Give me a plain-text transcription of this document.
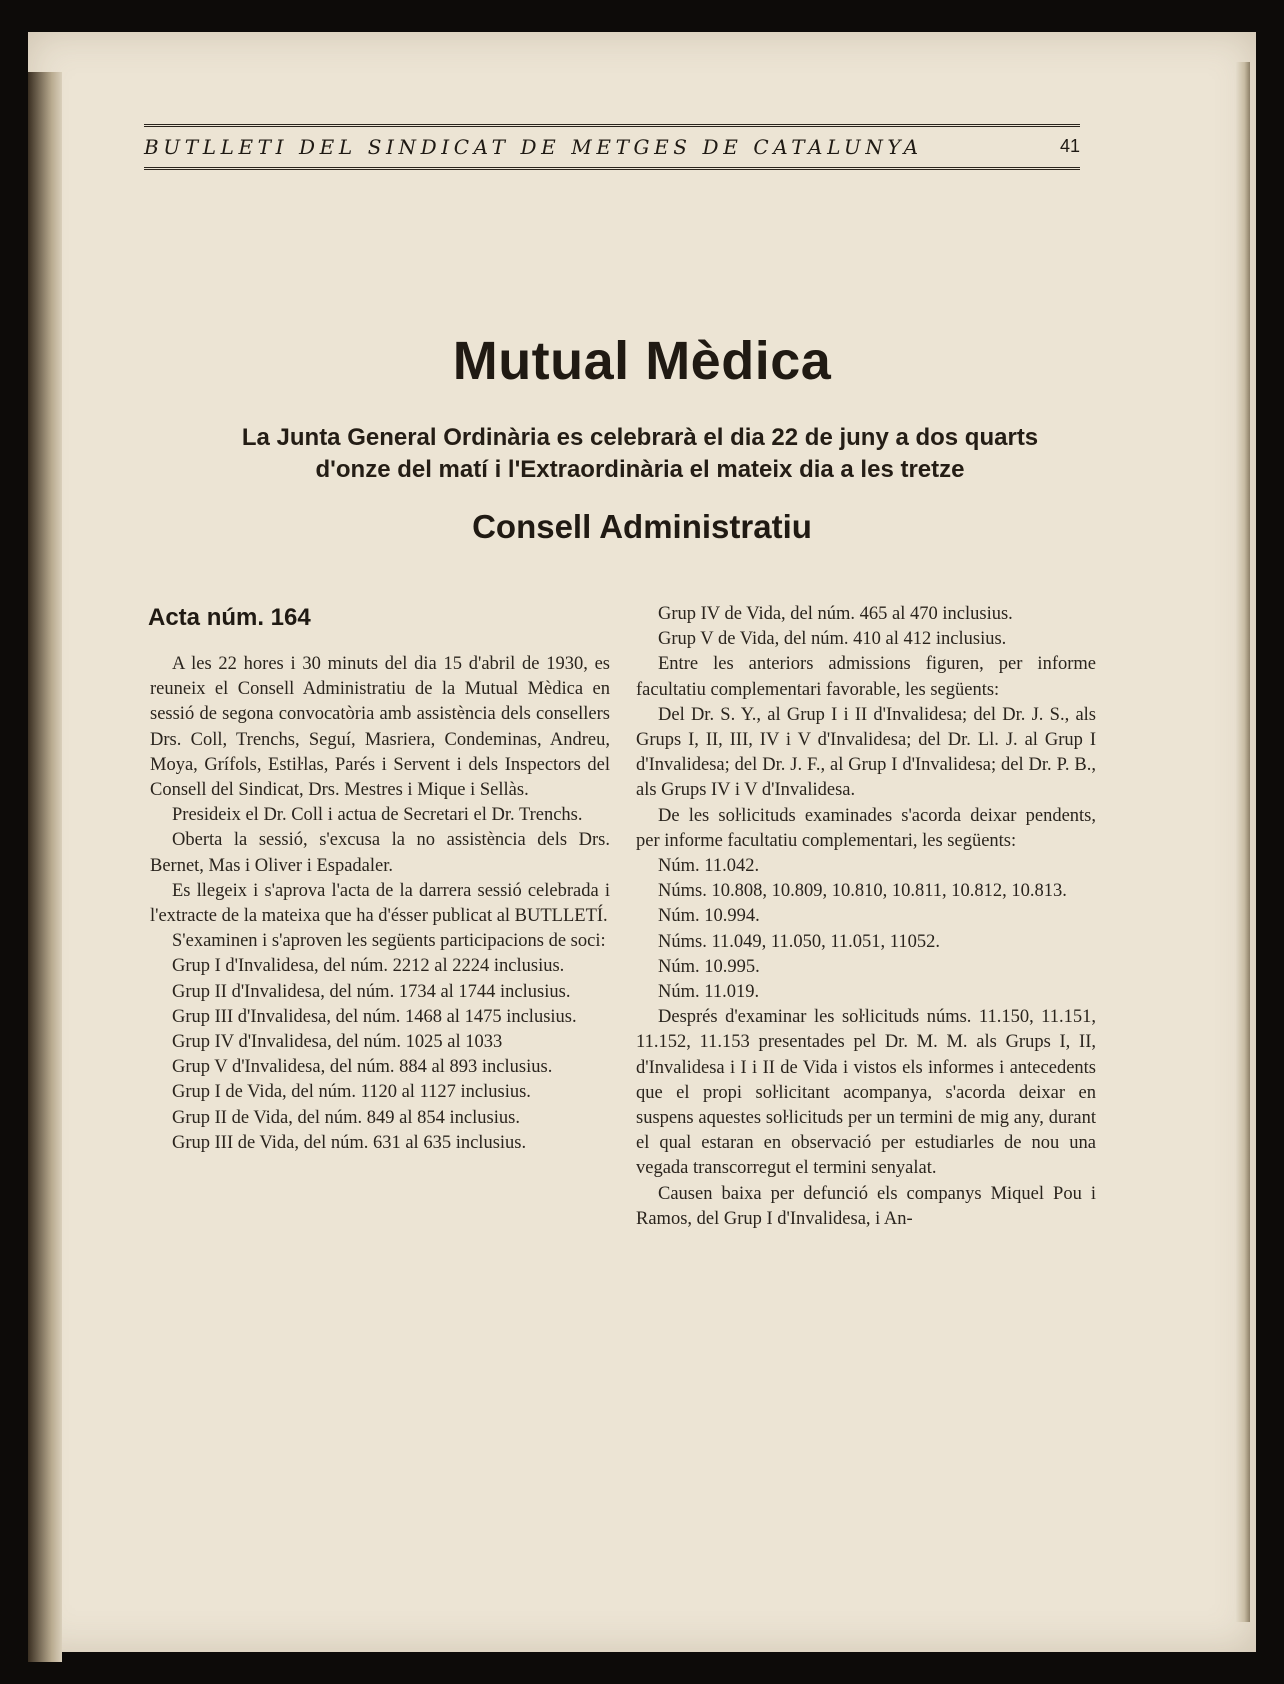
BUTLLETI DEL SINDICAT DE METGES DE CATALUNYA	41
Mutual Mèdica
La Junta General Ordinària es celebrarà el dia 22 de juny a dos quarts
d'onze del matí i l'Extraordinària el mateix dia a les tretze
Consell Administratiu
Acta núm. 164

A les 22 hores i 30 minuts del dia 15 d'abril de 1930, es reuneix el Consell Administratiu de la Mutual Mèdica en sessió de segona convocatòria amb assistència dels consellers Drs. Coll, Trenchs, Seguí, Masriera, Condeminas, Andreu, Moya, Grífols, Estiŀlas, Parés i Servent i dels Inspectors del Consell del Sindicat, Drs. Mestres i Mique i Sellàs.

Presideix el Dr. Coll i actua de Secretari el Dr. Trenchs.

Oberta la sessió, s'excusa la no assistència dels Drs. Bernet, Mas i Oliver i Espadaler.

Es llegeix i s'aprova l'acta de la darrera sessió celebrada i l'extracte de la mateixa que ha d'ésser publicat al BUTLLETÍ.

S'examinen i s'aproven les següents participacions de soci:

Grup I d'Invalidesa, del núm. 2212 al 2224 inclusius.

Grup II d'Invalidesa, del núm. 1734 al 1744 inclusius.

Grup III d'Invalidesa, del núm. 1468 al 1475 inclusius.

Grup IV d'Invalidesa, del núm. 1025 al 1033

Grup V d'Invalidesa, del núm. 884 al 893 inclusius.

Grup I de Vida, del núm. 1120 al 1127 inclusius.

Grup II de Vida, del núm. 849 al 854 inclusius.

Grup III de Vida, del núm. 631 al 635 inclusius.

Grup IV de Vida, del núm. 465 al 470 inclusius.

Grup V de Vida, del núm. 410 al 412 inclusius.

Entre les anteriors admissions figuren, per informe facultatiu complementari favorable, les següents:

Del Dr. S. Y., al Grup I i II d'Invalidesa; del Dr. J. S., als Grups I, II, III, IV i V d'Invalidesa; del Dr. Ll. J. al Grup I d'Invalidesa; del Dr. J. F., al Grup I d'Invalidesa; del Dr. P. B., als Grups IV i V d'Invalidesa.

De les soŀlicituds examinades s'acorda deixar pendents, per informe facultatiu complementari, les següents:

Núm. 11.042.

Núms. 10.808, 10.809, 10.810, 10.811, 10.812, 10.813.

Núm. 10.994.

Núms. 11.049, 11.050, 11.051, 11052.

Núm. 10.995.

Núm. 11.019.

Després d'examinar les soŀlicituds núms. 11.150, 11.151, 11.152, 11.153 presentades pel Dr. M. M. als Grups I, II, d'Invalidesa i I i II de Vida i vistos els informes i antecedents que el propi soŀlicitant acompanya, s'acorda deixar en suspens aquestes soŀlicituds per un termini de mig any, durant el qual estaran en observació per estudiarles de nou una vegada transcorregut el termini senyalat.

Causen baixa per defunció els companys Miquel Pou i Ramos, del Grup I d'Invalidesa, i An-
